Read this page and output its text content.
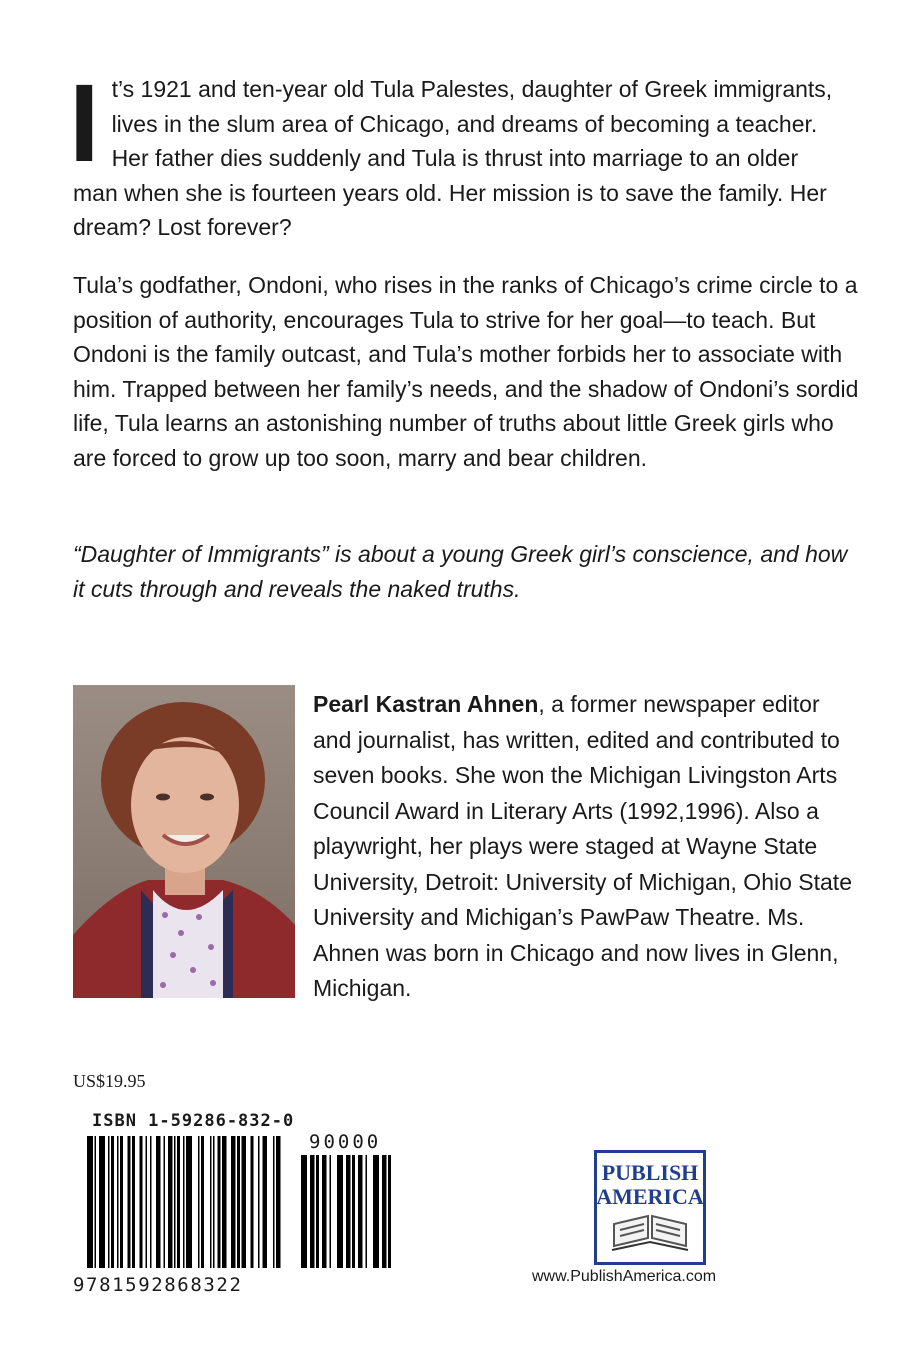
It’s 1921 and ten-year old Tula Palestes, daughter of Greek immigrants, lives in the slum area of Chicago, and dreams of becoming a teacher. Her father dies suddenly and Tula is thrust into marriage to an older man when she is fourteen years old. Her mission is to save the family. Her dream? Lost forever?

Tula’s godfather, Ondoni, who rises in the ranks of Chicago’s crime circle to a position of authority, encourages Tula to strive for her goal—to teach. But Ondoni is the family outcast, and Tula’s mother forbids her to associate with him. Trapped between her family’s needs, and the shadow of Ondoni’s sordid life, Tula learns an astonishing number of truths about little Greek girls who are forced to grow up too soon, marry and bear children.

“Daughter of Immigrants” is about a young Greek girl’s conscience, and how it cuts through and reveals the naked truths.

Pearl Kastran Ahnen, a former newspaper editor and journalist, has written, edited and contributed to seven books. She won the Michigan Livingston Arts Council Award in Literary Arts (1992,1996). Also a playwright, her plays were staged at Wayne State University, Detroit: University of Michigan, Ohio State University and Michigan’s PawPaw Theatre. Ms. Ahnen was born in Chicago and now lives in Glenn, Michigan.

US$19.95
ISBN 1-59286-832-0
9781592868322
90000
PUBLISH
AMERICA
www.PublishAmerica.com
